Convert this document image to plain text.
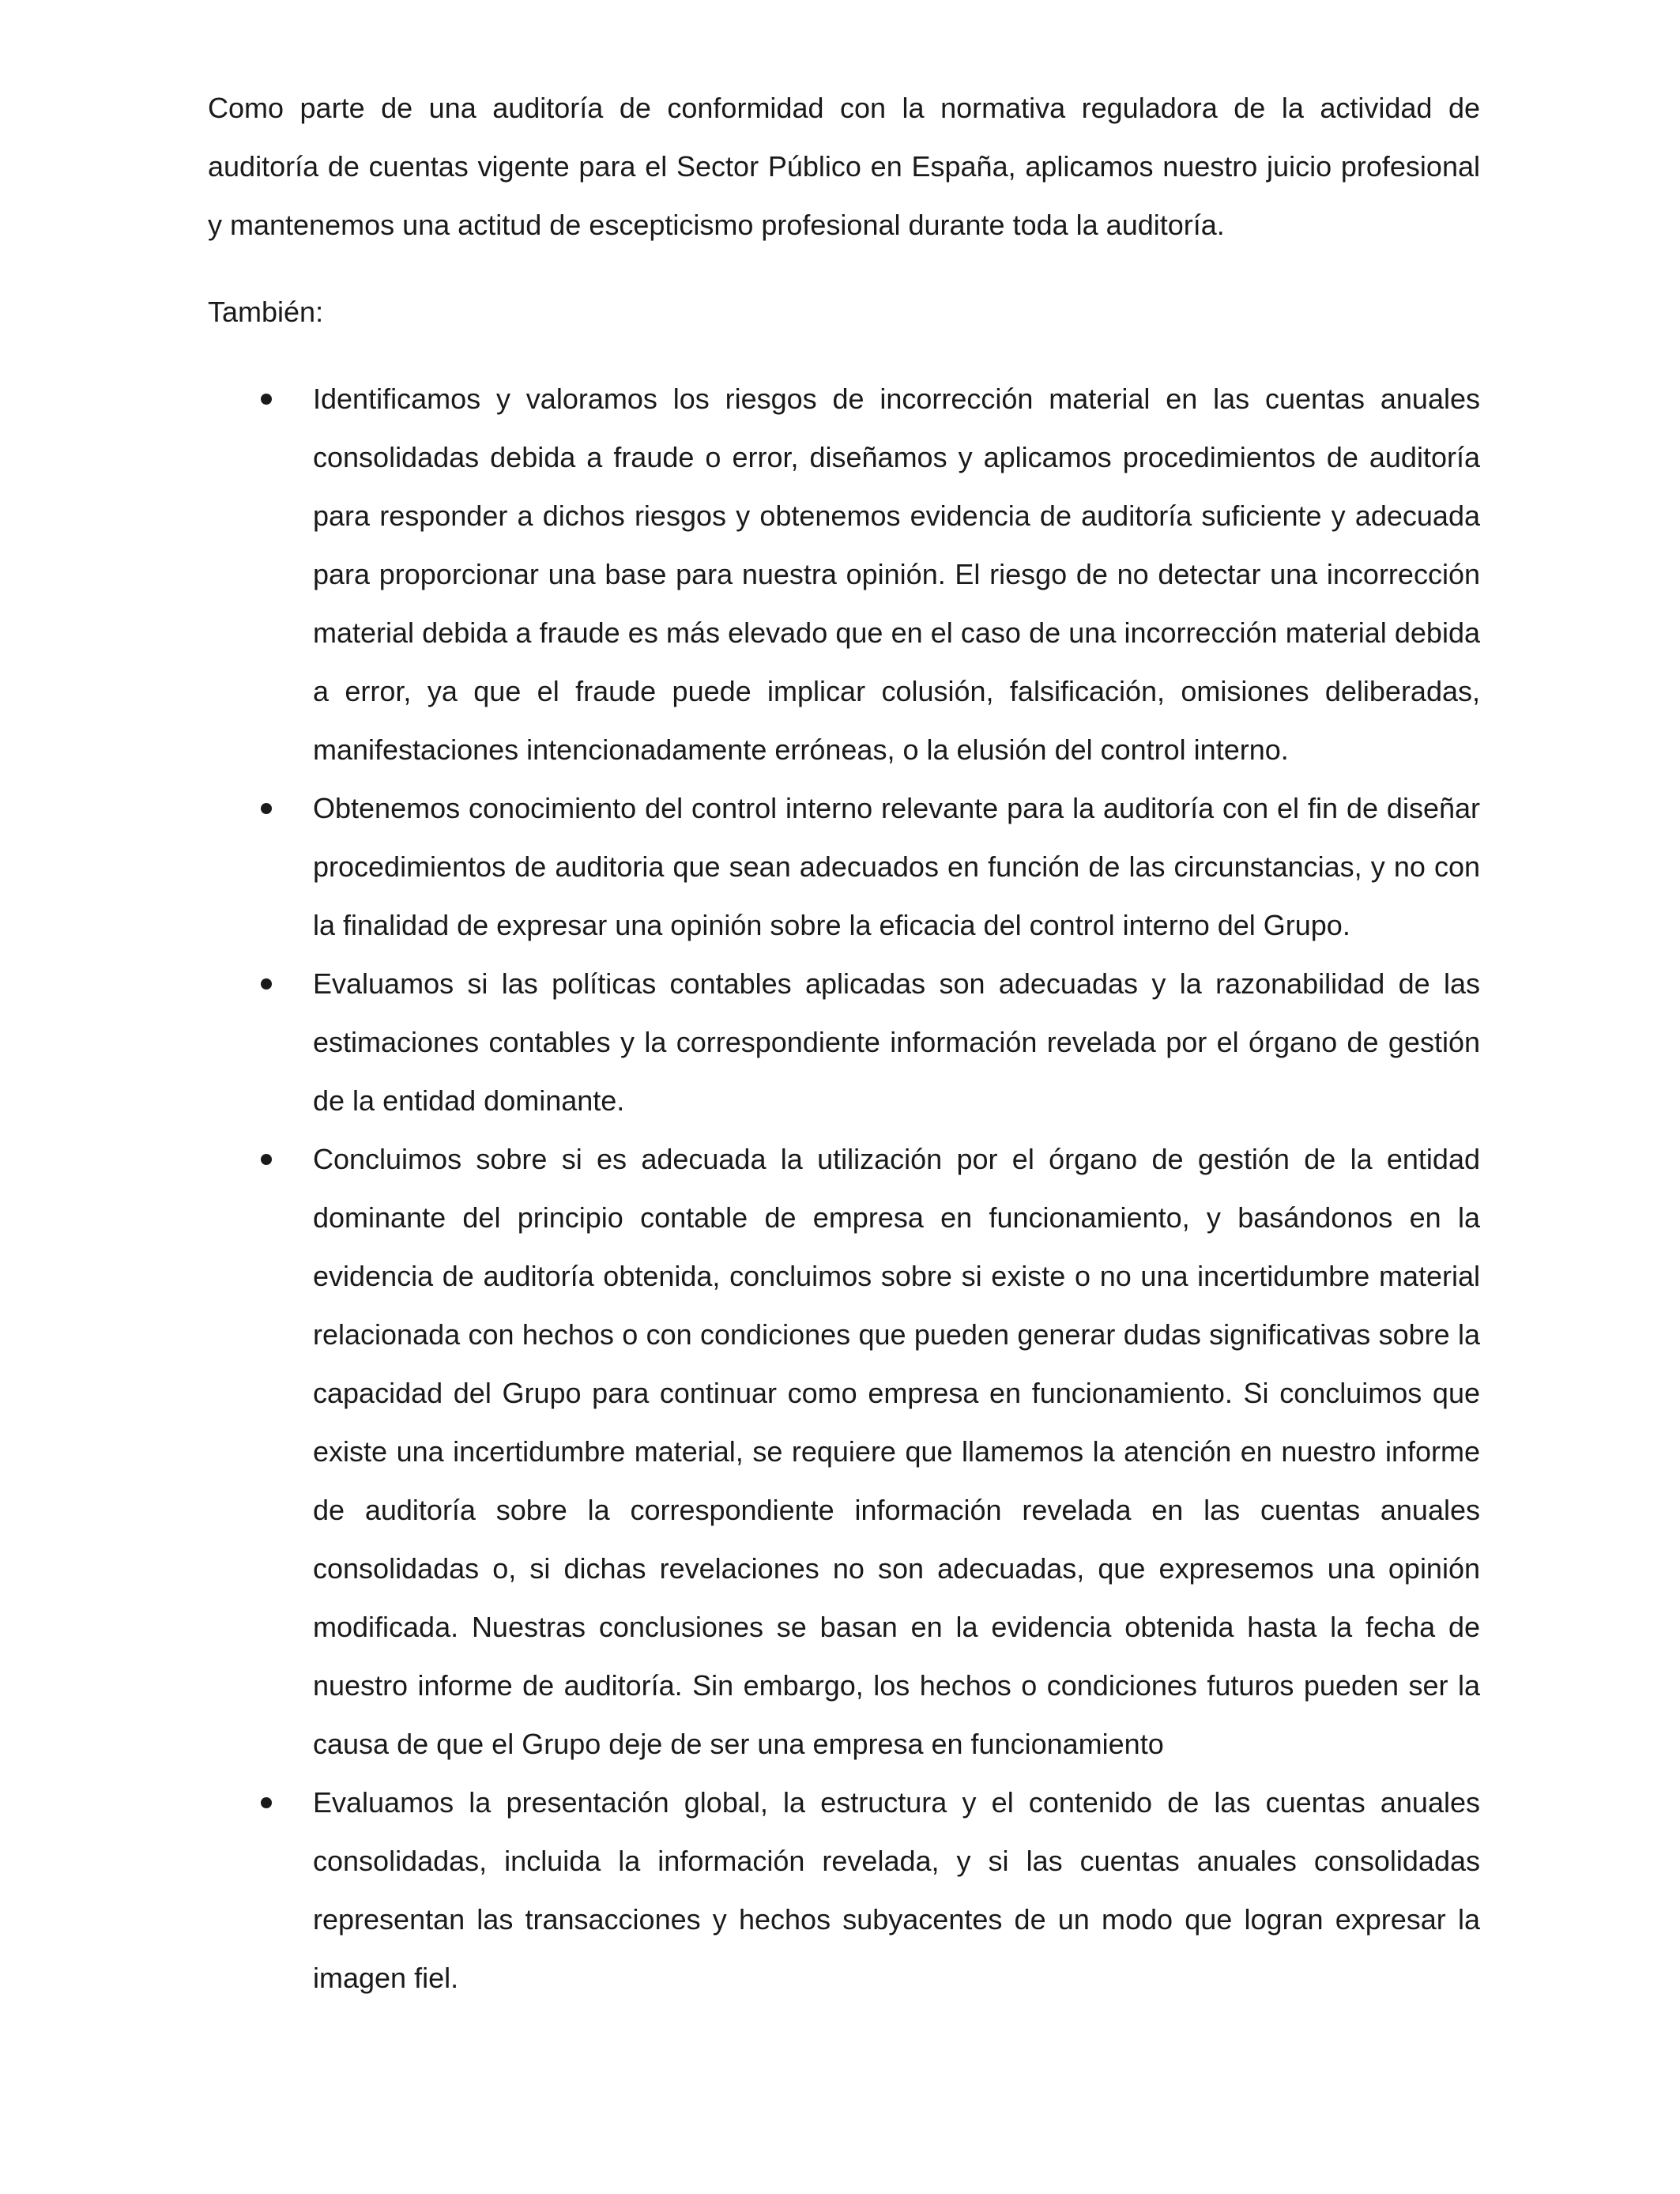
Como parte de una auditoría de conformidad con la normativa reguladora de la actividad de auditoría de cuentas vigente para el Sector Público en España, aplicamos nuestro juicio profesional y mantenemos una actitud de escepticismo profesional durante toda la auditoría.

También:

Identificamos y valoramos los riesgos de incorrección material en las cuentas anuales consolidadas debida a fraude o error, diseñamos y aplicamos procedimientos de auditoría para responder a dichos riesgos y obtenemos evidencia de auditoría suficiente y adecuada para proporcionar una base para nuestra opinión. El riesgo de no detectar una incorrección material debida a fraude es más elevado que en el caso de una incorrección material debida a error, ya que el fraude puede implicar colusión, falsificación, omisiones deliberadas, manifestaciones intencionadamente erróneas, o la elusión del control interno.
Obtenemos conocimiento del control interno relevante para la auditoría con el fin de diseñar procedimientos de auditoria que sean adecuados en función de las circunstancias, y no con la finalidad de expresar una opinión sobre la eficacia del control interno del Grupo.
Evaluamos si las políticas contables aplicadas son adecuadas y la razonabilidad de las estimaciones contables y la correspondiente información revelada por el órgano de gestión de la entidad dominante.
Concluimos sobre si es adecuada la utilización por el órgano de gestión de la entidad dominante del principio contable de empresa en funcionamiento, y basándonos en la evidencia de auditoría obtenida, concluimos sobre si existe o no una incertidumbre material relacionada con hechos o con condiciones que pueden generar dudas significativas sobre la capacidad del Grupo para continuar como empresa en funcionamiento. Si concluimos que existe una incertidumbre material, se requiere que llamemos la atención en nuestro informe de auditoría sobre la correspondiente información revelada en las cuentas anuales consolidadas o, si dichas revelaciones no son adecuadas, que expresemos una opinión modificada. Nuestras conclusiones se basan en la evidencia obtenida hasta la fecha de nuestro informe de auditoría. Sin embargo, los hechos o condiciones futuros pueden ser la causa de que el Grupo deje de ser una empresa en funcionamiento
Evaluamos la presentación global, la estructura y el contenido de las cuentas anuales consolidadas, incluida la información revelada, y si las cuentas anuales consolidadas representan las transacciones y hechos subyacentes de un modo que logran expresar la imagen fiel.
